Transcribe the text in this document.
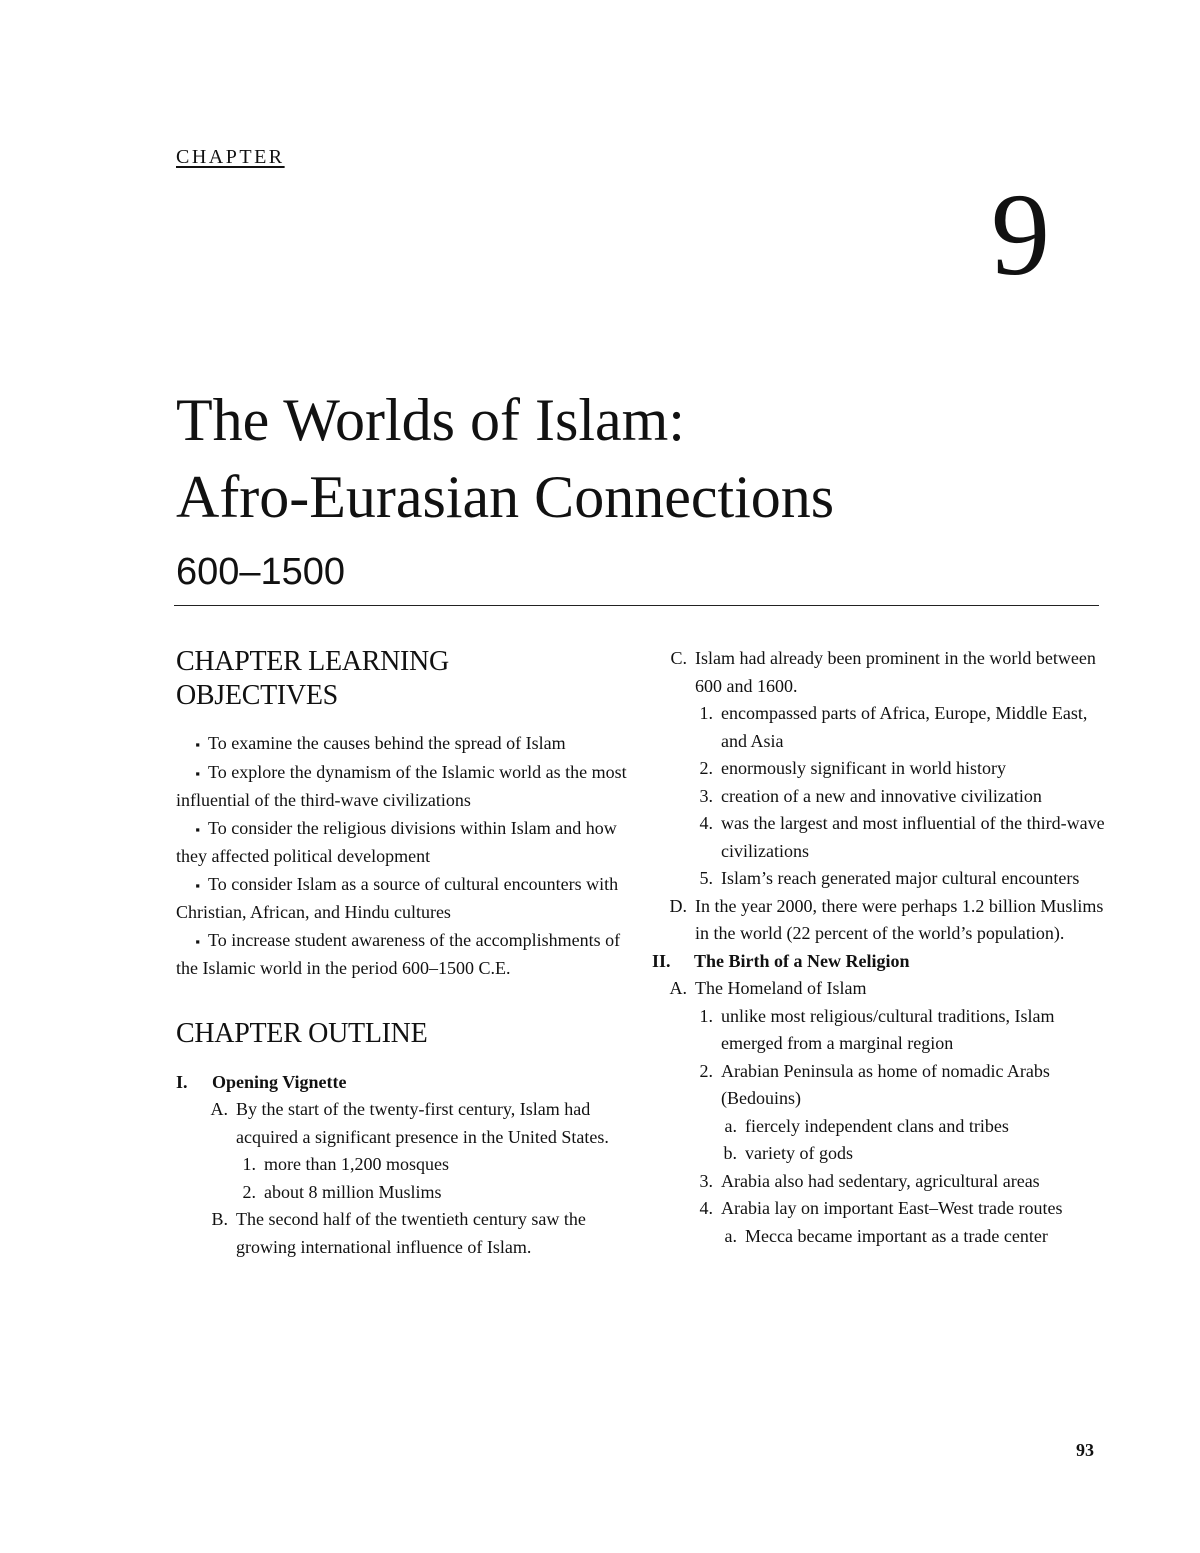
CHAPTER
9
The Worlds of Islam:
Afro-Eurasian Connections
600–1500
CHAPTER LEARNING
OBJECTIVES

▪ To examine the causes behind the spread of Islam

▪ To explore the dynamism of the Islamic world as the most influential of the third-wave civilizations

▪ To consider the religious divisions within Islam and how they affected political development

▪ To consider Islam as a source of cultural encounters with Christian, African, and Hindu cultures

▪ To increase student awareness of the accomplishments of the Islamic world in the period 600–1500 C.E.

CHAPTER OUTLINE
I.	Opening Vignette
A. By the start of the twenty-first century, Islam had acquired a significant presence in the United States.
1. more than 1,200 mosques
2. about 8 million Muslims
B. The second half of the twentieth century saw the growing international influence of Islam.
C. Islam had already been prominent in the world between 600 and 1600.
1. encompassed parts of Africa, Europe, Middle East, and Asia
2. enormously significant in world history
3. creation of a new and innovative civilization
4. was the largest and most influential of the third-wave civilizations
5. Islam’s reach generated major cultural encounters
D. In the year 2000, there were perhaps 1.2 billion Muslims in the world (22 percent of the world’s population).
II.	The Birth of a New Religion
A. The Homeland of Islam
1. unlike most religious/cultural traditions, Islam emerged from a marginal region
2. Arabian Peninsula as home of nomadic Arabs (Bedouins)
a. fiercely independent clans and tribes
b. variety of gods
3. Arabia also had sedentary, agricultural areas
4. Arabia lay on important East–West trade routes
a. Mecca became important as a trade center
93
